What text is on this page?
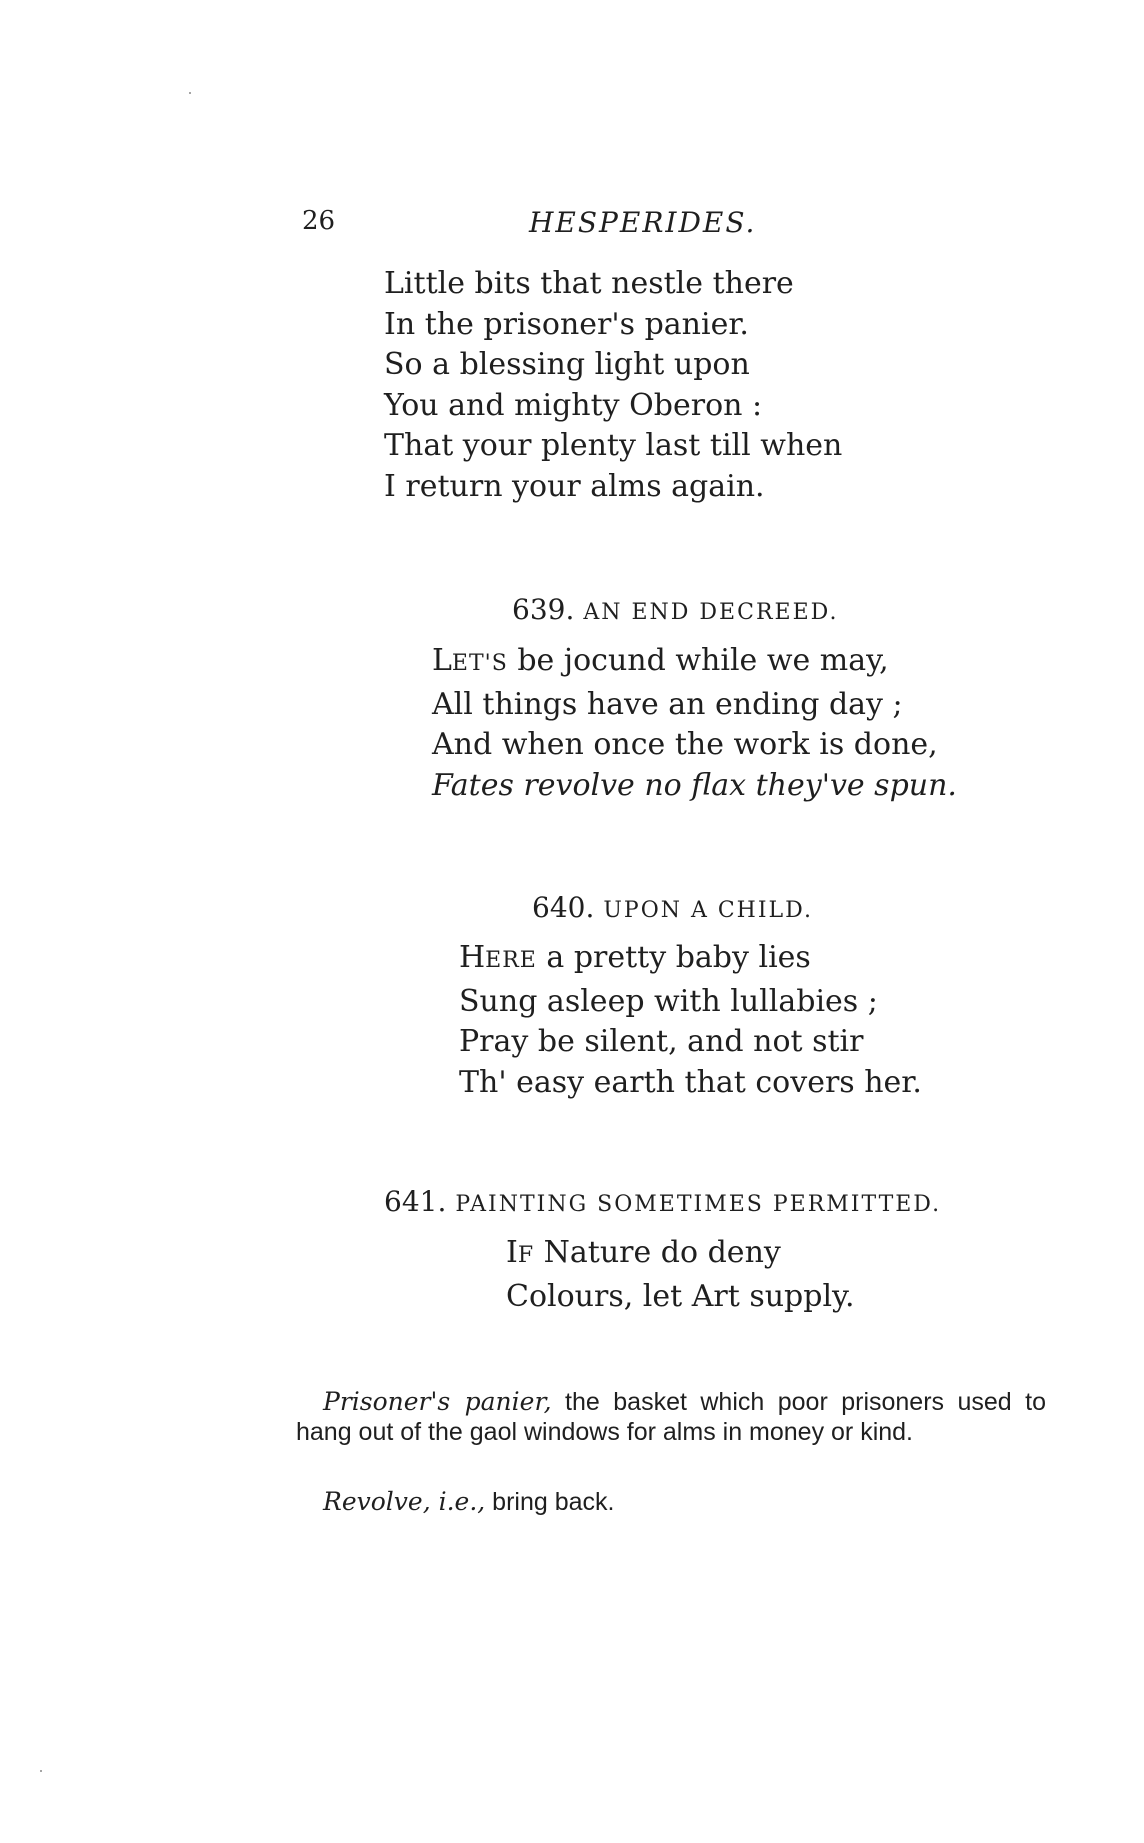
26	HESPERIDES.
Little bits that nestle there
In the prisoner's panier.
So a blessing light upon
You and mighty Oberon :
That your plenty last till when
I return your alms again.
639. AN END DECREED.
LET'S be jocund while we may,
All things have an ending day ;
And when once the work is done,
Fates revolve no flax they've spun.
640. UPON A CHILD.
HERE a pretty baby lies
Sung asleep with lullabies ;
Pray be silent, and not stir
Th' easy earth that covers her.
641. PAINTING SOMETIMES PERMITTED.
IF Nature do deny
Colours, let Art supply.
Prisoner's panier, the basket which poor prisoners used to hang out of the gaol windows for alms in money or kind.
Revolve, i.e., bring back.
